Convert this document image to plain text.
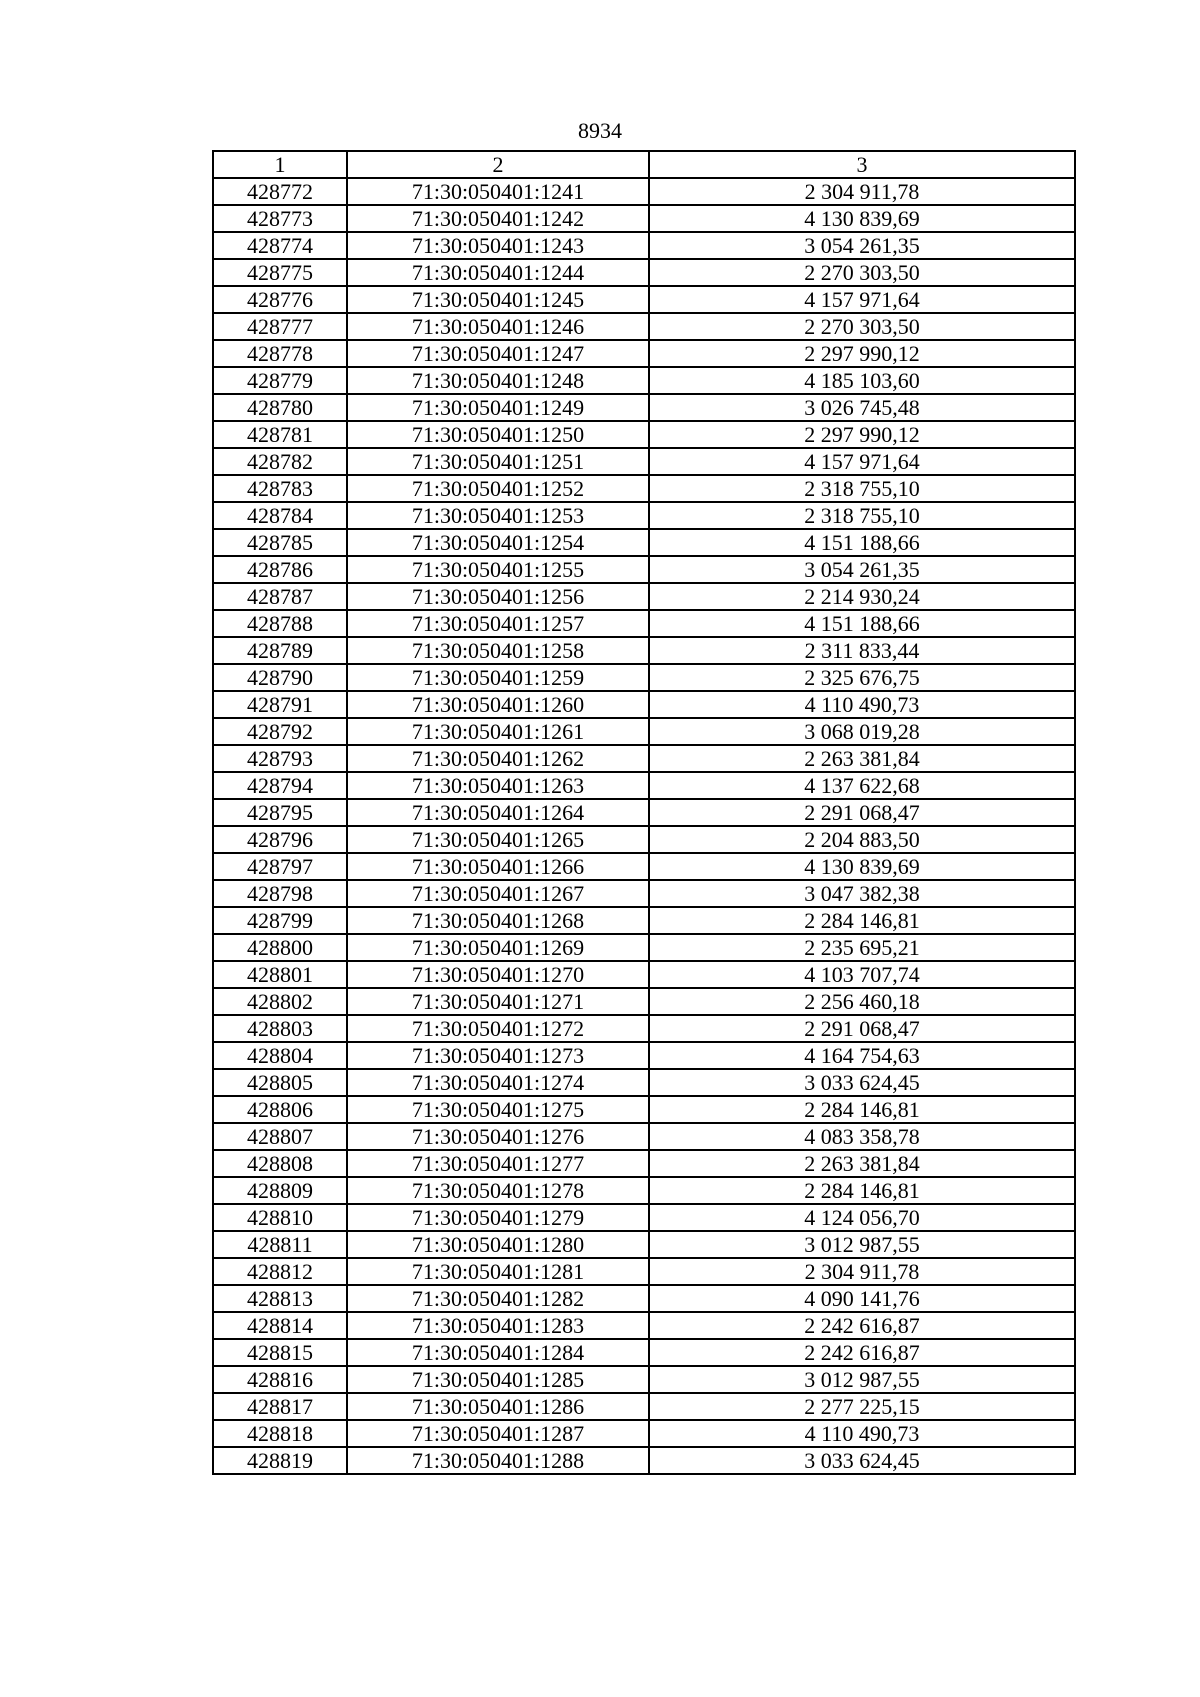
8934
1	2	3
428772	71:30:050401:1241	2 304 911,78
428773	71:30:050401:1242	4 130 839,69
428774	71:30:050401:1243	3 054 261,35
428775	71:30:050401:1244	2 270 303,50
428776	71:30:050401:1245	4 157 971,64
428777	71:30:050401:1246	2 270 303,50
428778	71:30:050401:1247	2 297 990,12
428779	71:30:050401:1248	4 185 103,60
428780	71:30:050401:1249	3 026 745,48
428781	71:30:050401:1250	2 297 990,12
428782	71:30:050401:1251	4 157 971,64
428783	71:30:050401:1252	2 318 755,10
428784	71:30:050401:1253	2 318 755,10
428785	71:30:050401:1254	4 151 188,66
428786	71:30:050401:1255	3 054 261,35
428787	71:30:050401:1256	2 214 930,24
428788	71:30:050401:1257	4 151 188,66
428789	71:30:050401:1258	2 311 833,44
428790	71:30:050401:1259	2 325 676,75
428791	71:30:050401:1260	4 110 490,73
428792	71:30:050401:1261	3 068 019,28
428793	71:30:050401:1262	2 263 381,84
428794	71:30:050401:1263	4 137 622,68
428795	71:30:050401:1264	2 291 068,47
428796	71:30:050401:1265	2 204 883,50
428797	71:30:050401:1266	4 130 839,69
428798	71:30:050401:1267	3 047 382,38
428799	71:30:050401:1268	2 284 146,81
428800	71:30:050401:1269	2 235 695,21
428801	71:30:050401:1270	4 103 707,74
428802	71:30:050401:1271	2 256 460,18
428803	71:30:050401:1272	2 291 068,47
428804	71:30:050401:1273	4 164 754,63
428805	71:30:050401:1274	3 033 624,45
428806	71:30:050401:1275	2 284 146,81
428807	71:30:050401:1276	4 083 358,78
428808	71:30:050401:1277	2 263 381,84
428809	71:30:050401:1278	2 284 146,81
428810	71:30:050401:1279	4 124 056,70
428811	71:30:050401:1280	3 012 987,55
428812	71:30:050401:1281	2 304 911,78
428813	71:30:050401:1282	4 090 141,76
428814	71:30:050401:1283	2 242 616,87
428815	71:30:050401:1284	2 242 616,87
428816	71:30:050401:1285	3 012 987,55
428817	71:30:050401:1286	2 277 225,15
428818	71:30:050401:1287	4 110 490,73
428819	71:30:050401:1288	3 033 624,45
